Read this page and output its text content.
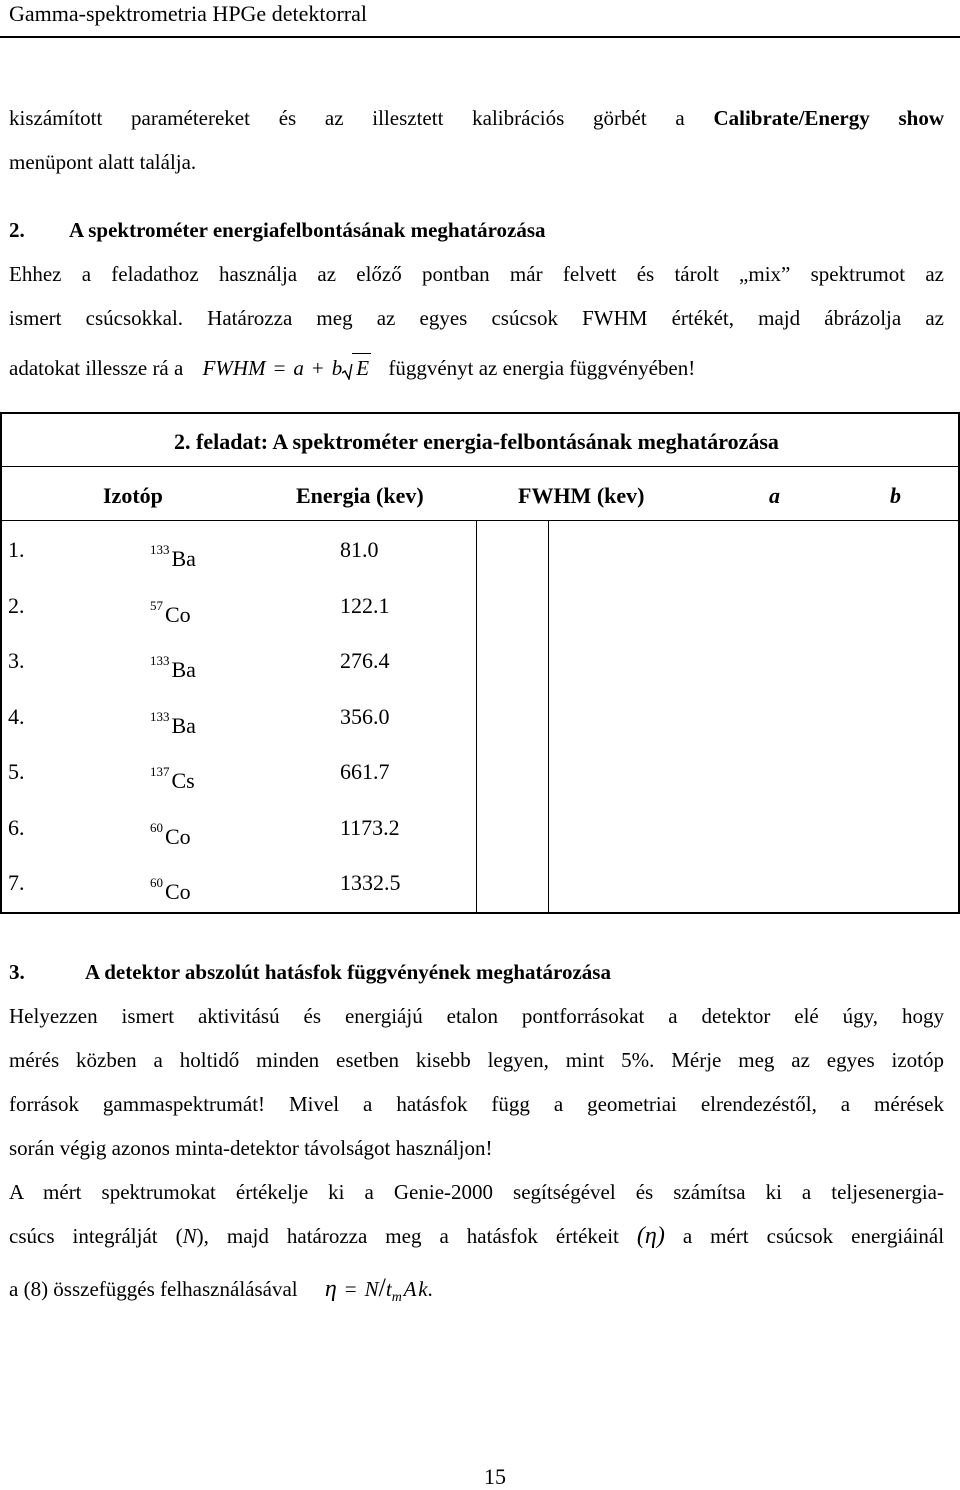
Gamma-spektrometria HPGe detektorral
kiszámított paramétereket és az illesztett kalibrációs görbét a Calibrate/Energy show
menüpont alatt találja.
2. A spektrométer energiafelbontásának meghatározása
Ehhez a feladathoz használja az előző pontban már felvett és tárolt „mix” spektrumot az
ismert csúcsokkal. Határozza meg az egyes csúcsok FWHM értékét, majd ábrázolja az
adatokat illessze rá a FWHM = a + b E függvényt az energia függvényében!
2. feladat: A spektrométer energia-felbontásának meghatározása
Izotóp	Energia (kev)	FWHM (kev)	a	b
1.	$^{133}$Ba	81.0
2.	$^{57}$Co	122.1
3.	$^{133}$Ba	276.4
4.	$^{133}$Ba	356.0
5.	$^{137}$Cs	661.7
6.	$^{60}$Co	1173.2
7.	$^{60}$Co	1332.5
3.	A detektor abszolút hatásfok függvényének meghatározása
Helyezzen ismert aktivitású és energiájú etalon pontforrásokat a detektor elé úgy, hogy
mérés közben a holtidő minden esetben kisebb legyen, mint 5%. Mérje meg az egyes izotóp
források gammaspektrumát! Mivel a hatásfok függ a geometriai elrendezéstől, a mérések
során végig azonos minta-detektor távolságot használjon!
A mért spektrumokat értékelje ki a Genie-2000 segítségével és számítsa ki a teljesenergia-
csúcs integrálját (N), majd határozza meg a hatásfok értékeit (η) a mért csúcsok energiáinál
a (8) összefüggés felhasználásával $\eta = N/t_m$ A k.
15
